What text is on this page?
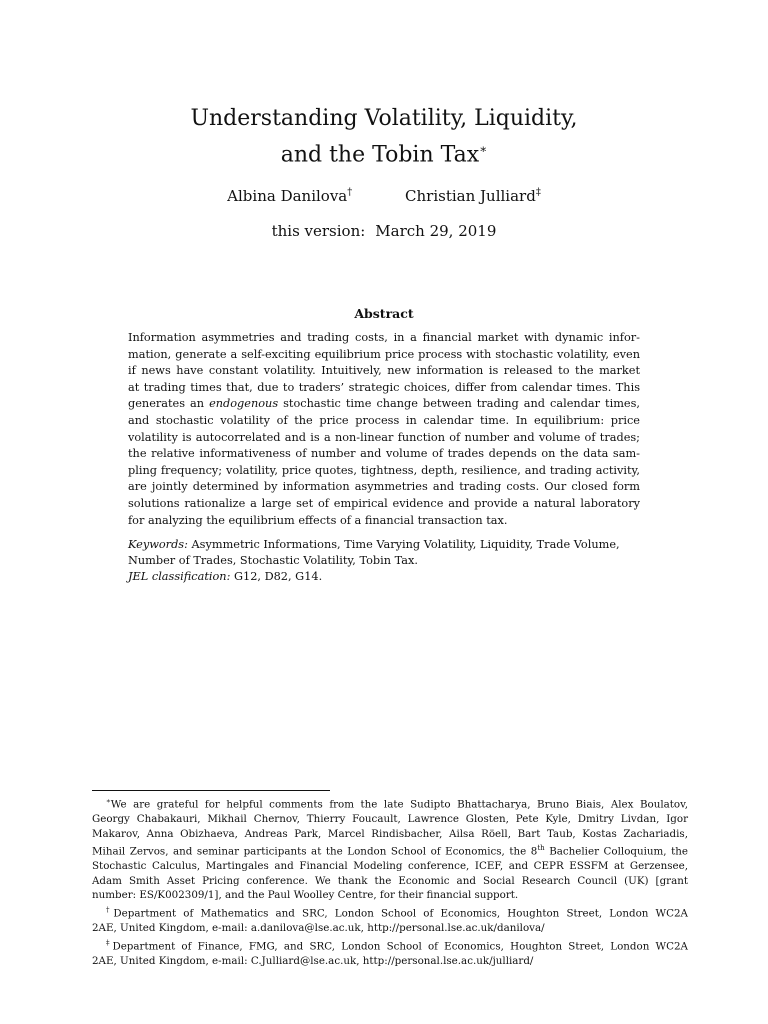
Understanding Volatility, Liquidity,
and the Tobin Tax∗
Albina Danilova†	Christian Julliard‡
this version: March 29, 2019
Abstract
Information asymmetries and trading costs, in a financial market with dynamic infor-
mation, generate a self-exciting equilibrium price process with stochastic volatility, even
if news have constant volatility. Intuitively, new information is released to the market
at trading times that, due to traders’ strategic choices, differ from calendar times. This
generates an endogenous stochastic time change between trading and calendar times,
and stochastic volatility of the price process in calendar time. In equilibrium: price
volatility is autocorrelated and is a non-linear function of number and volume of trades;
the relative informativeness of number and volume of trades depends on the data sam-
pling frequency; volatility, price quotes, tightness, depth, resilience, and trading activity,
are jointly determined by information asymmetries and trading costs. Our closed form
solutions rationalize a large set of empirical evidence and provide a natural laboratory
for analyzing the equilibrium effects of a financial transaction tax.
Keywords: Asymmetric Informations, Time Varying Volatility, Liquidity, Trade Volume,
Number of Trades, Stochastic Volatility, Tobin Tax.
JEL classification: G12, D82, G14.
∗We are grateful for helpful comments from the late Sudipto Bhattacharya, Bruno Biais, Alex Boulatov,
Georgy Chabakauri, Mikhail Chernov, Thierry Foucault, Lawrence Glosten, Pete Kyle, Dmitry Livdan, Igor
Makarov, Anna Obizhaeva, Andreas Park, Marcel Rindisbacher, Ailsa Röell, Bart Taub, Kostas Zachariadis,
Mihail Zervos, and seminar participants at the London School of Economics, the 8th Bachelier Colloquium, the
Stochastic Calculus, Martingales and Financial Modeling conference, ICEF, and CEPR ESSFM at Gerzensee,
Adam Smith Asset Pricing conference. We thank the Economic and Social Research Council (UK) [grant
number: ES/K002309/1], and the Paul Woolley Centre, for their financial support.
†Department of Mathematics and SRC, London School of Economics, Houghton Street, London WC2A
2AE, United Kingdom, e-mail: a.danilova@lse.ac.uk, http://personal.lse.ac.uk/danilova/
‡Department of Finance, FMG, and SRC, London School of Economics, Houghton Street, London WC2A
2AE, United Kingdom, e-mail: C.Julliard@lse.ac.uk, http://personal.lse.ac.uk/julliard/
